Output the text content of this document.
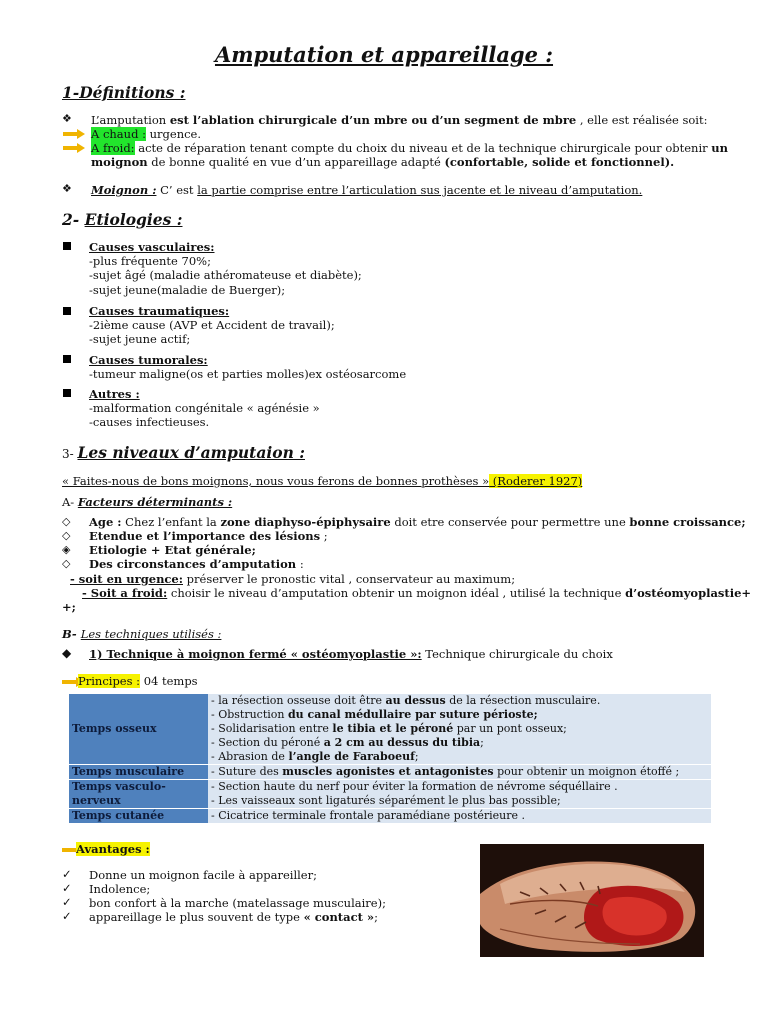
Amputation et appareillage :
1-Définitions :
❖ L’amputation est l’ablation chirurgicale d’un mbre ou d’un segment de mbre , elle est réalisée soit:
A chaud : urgence.
A froid: acte de réparation tenant compte du choix du niveau et de la technique chirurgicale pour obtenir un
moignon de bonne qualité en vue d’un appareillage adapté (confortable, solide et fonctionnel).
❖ Moignon : C’ est la partie comprise entre l’articulation sus jacente et le niveau d’amputation.
2- Etiologies :
Causes vasculaires:
-plus fréquente 70%;
-sujet âgé (maladie athéromateuse et diabète);
-sujet jeune(maladie de Buerger);
Causes traumatiques:
-2ième cause (AVP et Accident de travail);
-sujet jeune actif;
Causes tumorales:
-tumeur maligne(os et parties molles)ex ostéosarcome
Autres :
-malformation congénitale « agénésie »
-causes infectieuses.
3- Les niveaux d’amputaion :
« Faites-nous de bons moignons, nous vous ferons de bonnes prothèses » (Roderer 1927)
A- Facteurs déterminants :
◇ Age : Chez l’enfant la zone diaphyso-épiphysaire doit etre conservée pour permettre une bonne croissance;
◇ Etendue et l’importance des lésions ;
◈ Etiologie + Etat générale;
◇ Des circonstances d’amputation :
- soit en urgence: préserver le pronostic vital , conservateur au maximum;
- Soit a froid: choisir le niveau d’amputation obtenir un moignon idéal , utilisé la technique d’ostéomyoplastie+
+;
B- Les techniques utilisés :
◆ 1) Technique à moignon fermé « ostéomyoplastie »: Technique chirurgicale du choix
Principes : 04 temps
Temps osseux	- la résection osseuse doit être au dessus de la résection musculaire.
- Obstruction du canal médullaire par suture périoste;
- Solidarisation entre le tibia et le péroné par un pont osseux;
- Section du péroné a 2 cm au dessus du tibia;
- Abrasion de l’angle de Faraboeuf;

Temps musculaire	- Suture des muscles agonistes et antagonistes pour obtenir un moignon étoffé ;
Temps vasculo-nerveux	- Section haute du nerf pour éviter la formation de névrome séquéllaire .
- Les vaisseaux sont ligaturés séparément le plus bas possible;

Temps cutanée	- Cicatrice terminale frontale paramédiane postérieure .
Avantages :
✓ Donne un moignon facile à appareiller;
✓ Indolence;
✓ bon confort à la marche (matelassage musculaire);
✓ appareillage le plus souvent de type « contact »;
